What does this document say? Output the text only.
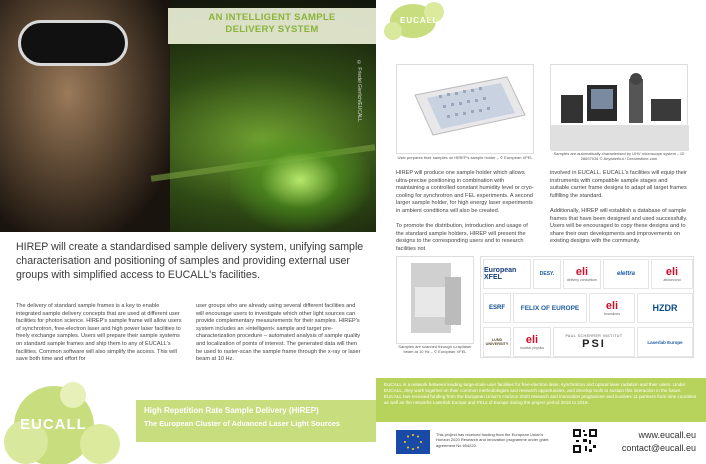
© Friedel Gierlich/EUCALL
AN INTELLIGENT SAMPLE
DELIVERY SYSTEM
HIREP will create a standardised sample delivery system, unifying sample characterisation and positioning of samples and providing external user groups with simplified access to EUCALL's facilities.
The delivery of standard sample frames is a key to enable integrated sample delivery concepts that are used at different user facilities for photon science. HIREP's sample frame will allow users of synchrotron, free-electron laser and high power laser facilities to freely exchange samples. Users will prepare their sample systems on standard sample frames and ship them to any of EUCALL's facilities. Common software will also simplify the access. This will save both time and effort for
user groups who are already using several different facilities and will encourage users to investigate which other light sources can provide complementary measurements for their samples. HIREP's system includes an »intelligent« sample and target pre-characterization procedure – automated analysis of sample quality and localization of points of interest. The generated data will then be used to raster-scan the sample frame through the x-ray or laser beam at 10 Hz.
EUCALL
High Repetition Rate Sample Delivery (HIREP)
The European Cluster of Advanced Laser Light Sources
EUCALL
User prepares their samples on HIREP's sample holder – © European XFEL
Samples are automatically characterised by UHV microscope system – ID 26697034 © Anyaberkut / Dreamstime.com
HIREP will produce one sample holder which allows ultra-precise positioning in combination with maintaining a controlled constant humidity level or cryo-cooling for synchrotron and FEL experiments. A second larger sample holder, for high energy laser experiments in ambient conditions will also be created.

To promote the distribution, introduction and usage of the standard sample holders, HIREP will present the designs to the corresponding users and to research facilities not
involved in EUCALL. EUCALL's facilities will equip their instruments with compatible sample stages and suitable carrier frame designs to adapt all target frames fulfilling the standard.

Additionally, HIREP will establish a database of sample frames that have been designed and used successfully. Users will be encouraged to copy these designs and to share their own developments and improvements on existing designs with the community.
Samples are scanned through x-ray/laser beam at 10 Hz – © European XFEL
European XFEL	DESY.	eli
delivery consortium
elettra	eli
attosecond
ESRF	FELIX OF EUROPE	eli
beamlines
HZDR
LUND UNIVERSITY eli
nuclear physics
PAUL SCHERRER INSTITUT
PSI	Laserlab Europe
EUCALL is a network between leading large-scale user facilities for free-electron laser, synchrotron and optical laser radiation and their users. Under EUCALL, they work together on their common methodologies and research opportunities, and develop tools to sustain this interaction in the future. EUCALL has received funding from the European Union's Horizon 2020 research and innovation programme and involves 11 partners from nine countries as well as the networks Laserlab Europe and FELs of Europe during the project period 2015 to 2018.
This project has received funding from the European Union's Horizon 2020 Research and Innovation programme under grant agreement No 654220.
www.eucall.eu
contact@eucall.eu
